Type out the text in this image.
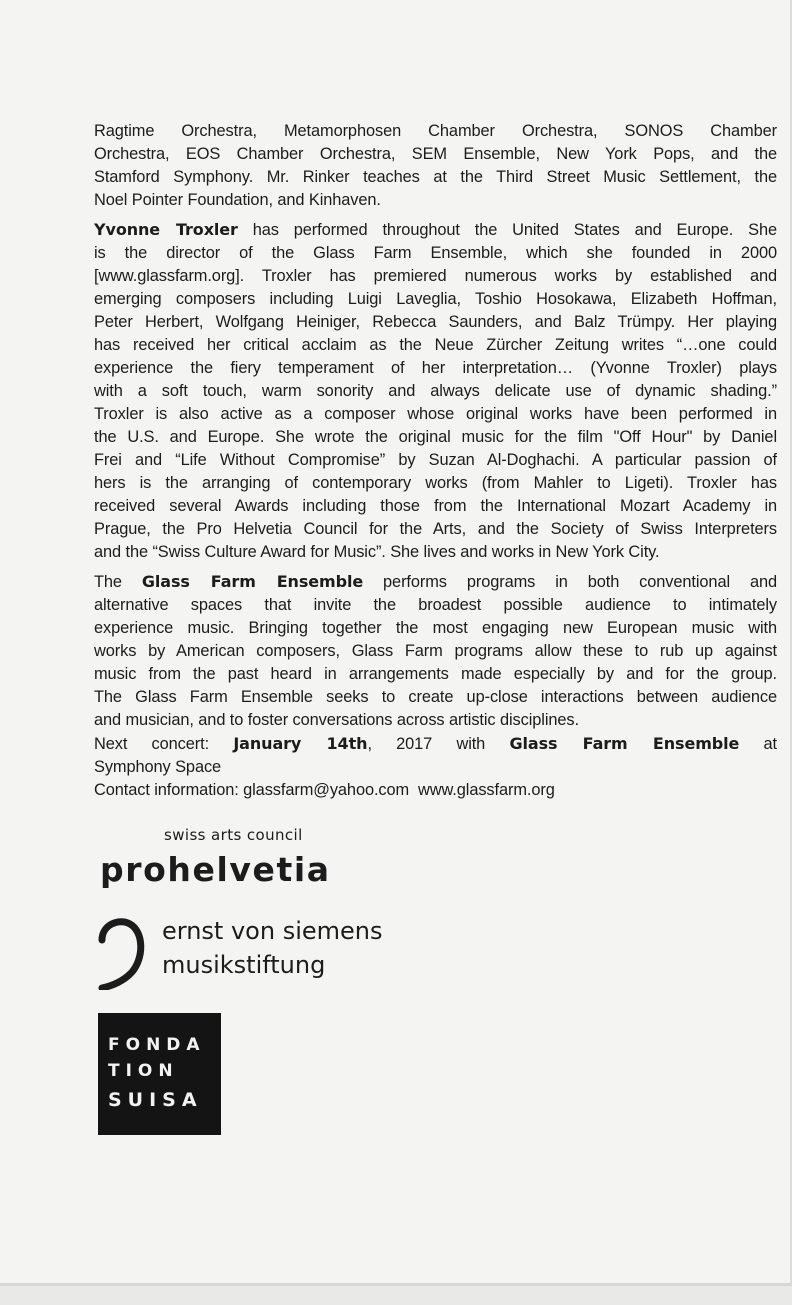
Ragtime Orchestra, Metamorphosen Chamber Orchestra, SONOS Chamber
Orchestra, EOS Chamber Orchestra, SEM Ensemble, New York Pops, and the
Stamford Symphony. Mr. Rinker teaches at the Third Street Music Settlement, the
Noel Pointer Foundation, and Kinhaven.

Yvonne Troxler has performed throughout the United States and Europe. She
is the director of the Glass Farm Ensemble, which she founded in 2000
[www.glassfarm.org]. Troxler has premiered numerous works by established and
emerging composers including Luigi Laveglia, Toshio Hosokawa, Elizabeth Hoffman,
Peter Herbert, Wolfgang Heiniger, Rebecca Saunders, and Balz Trümpy. Her playing
has received her critical acclaim as the Neue Zürcher Zeitung writes “…one could
experience the fiery temperament of her interpretation… (Yvonne Troxler) plays
with a soft touch, warm sonority and always delicate use of dynamic shading.”
Troxler is also active as a composer whose original works have been performed in
the U.S. and Europe. She wrote the original music for the film "Off Hour" by Daniel
Frei and “Life Without Compromise” by Suzan Al-Doghachi. A particular passion of
hers is the arranging of contemporary works (from Mahler to Ligeti). Troxler has
received several Awards including those from the International Mozart Academy in
Prague, the Pro Helvetia Council for the Arts, and the Society of Swiss Interpreters
and the “Swiss Culture Award for Music”. She lives and works in New York City.

The Glass Farm Ensemble performs programs in both conventional and
alternative spaces that invite the broadest possible audience to intimately
experience music. Bringing together the most engaging new European music with
works by American composers, Glass Farm programs allow these to rub up against
music from the past heard in arrangements made especially by and for the group.
The Glass Farm Ensemble seeks to create up-close interactions between audience
and musician, and to foster conversations across artistic disciplines.

Next concert: January 14th, 2017 with Glass Farm Ensemble at
Symphony Space

Contact information: glassfarm@yahoo.com  www.glassfarm.org

swiss arts council
prohelvetia
ernst von siemens
musikstiftung
FONDA
TION
SUISA
